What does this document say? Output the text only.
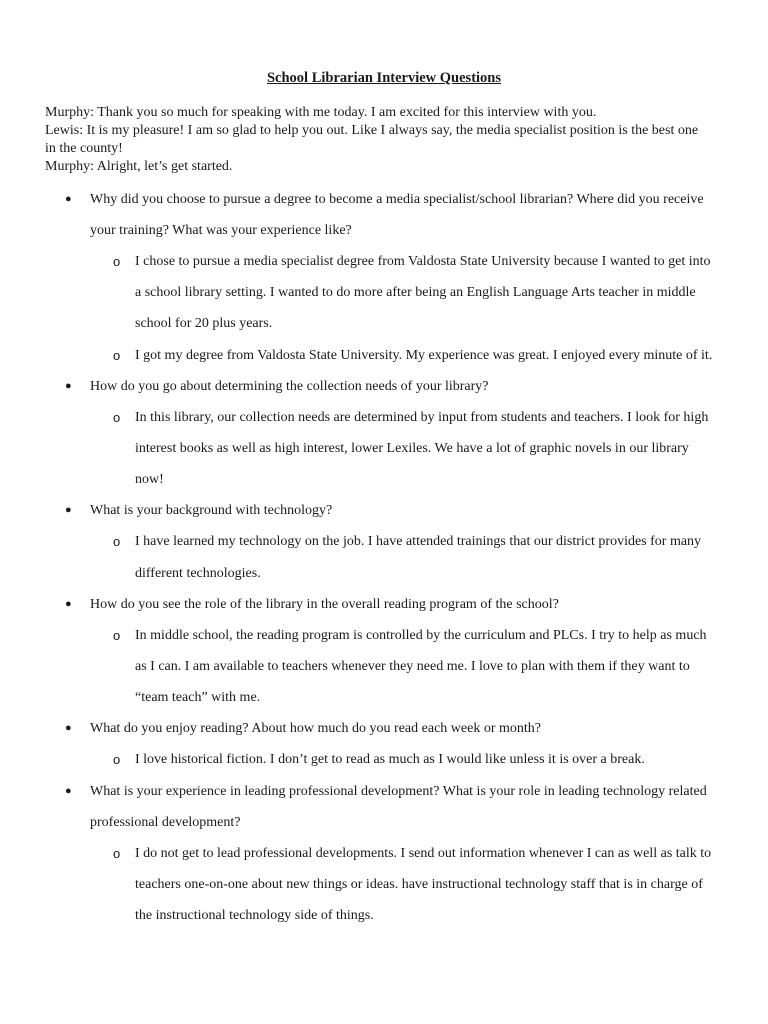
School Librarian Interview Questions

Murphy: Thank you so much for speaking with me today. I am excited for this interview with you.

Lewis: It is my pleasure! I am so glad to help you out. Like I always say, the media specialist position is the best one in the county!

Murphy: Alright, let’s get started.

●	Why did you choose to pursue a degree to become a media specialist/school librarian? Where did you receive your training? What was your experience like?
o I chose to pursue a media specialist degree from Valdosta State University because I wanted to get into a school library setting. I wanted to do more after being an English Language Arts teacher in middle school for 20 plus years.
o I got my degree from Valdosta State University. My experience was great. I enjoyed every minute of it.
●	How do you go about determining the collection needs of your library?
o In this library, our collection needs are determined by input from students and teachers. I look for high interest books as well as high interest, lower Lexiles. We have a lot of graphic novels in our library now!
●	What is your background with technology?
o I have learned my technology on the job. I have attended trainings that our district provides for many different technologies.
●	How do you see the role of the library in the overall reading program of the school?
o In middle school, the reading program is controlled by the curriculum and PLCs. I try to help as much as I can. I am available to teachers whenever they need me. I love to plan with them if they want to “team teach” with me.
●	What do you enjoy reading? About how much do you read each week or month?
o I love historical fiction. I don’t get to read as much as I would like unless it is over a break.
●	What is your experience in leading professional development? What is your role in leading technology related professional development?
o I do not get to lead professional developments. I send out information whenever I can as well as talk to teachers one-on-one about new things or ideas. have instructional technology staff that is in charge of the instructional technology side of things.
